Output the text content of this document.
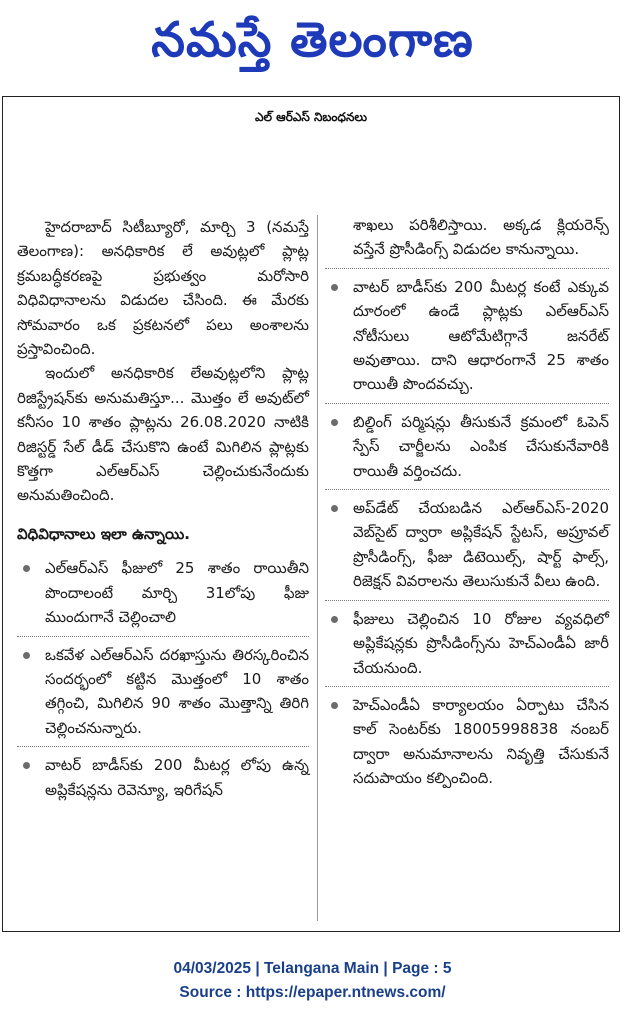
నమస్తే తెలంగాణ
ఎల్ ఆర్ఎస్ నిబంధనలు

హైదరాబాద్ సిటీబ్యూరో, మార్చి 3 (నమస్తే తెలంగాణ): అనధికారిక లే అవుట్లలో ప్లాట్ల క్రమబద్ధీకరణపై ప్రభుత్వం మరోసారి విధివిధానాలను విడుదల చేసింది. ఈ మేరకు సోమవారం ఒక ప్రకటనలో పలు అంశాలను ప్రస్తావించింది.

ఇందులో అనధికారిక లేఅవుట్లలోని ప్లాట్ల రిజిస్ట్రేషన్‌కు అనుమతిస్తూ... మొత్తం లే అవుట్‌లో కనీసం 10 శాతం ప్లాట్లను 26.08.2020 నాటికి రిజిస్టర్డ్ సేల్ డీడ్ చేసుకొని ఉంటే మిగిలిన ప్లాట్లకు కొత్తగా ఎల్ఆర్ఎస్ చెల్లించుకునేందుకు అనుమతించింది.

విధివిధానాలు ఇలా ఉన్నాయి.
ఎల్ఆర్ఎస్ ఫీజులో 25 శాతం రాయితీని పొందాలంటే మార్చి 31లోపు ఫీజు ముందుగానే చెల్లించాలి
ఒకవేళ ఎల్ఆర్ఎస్ దరఖాస్తును తిరస్కరించిన సందర్భంలో కట్టిన మొత్తంలో 10 శాతం తగ్గించి, మిగిలిన 90 శాతం మొత్తాన్ని తిరిగి చెల్లించనున్నారు.
వాటర్ బాడీస్‌కు 200 మీటర్ల లోపు ఉన్న అప్లికేషన్లను రెవెన్యూ, ఇరిగేషన్

శాఖలు పరిశీలిస్తాయి. అక్కడ క్లియరెన్స్ వస్తేనే ప్రొసీడింగ్స్ విడుదల కానున్నాయి.

వాటర్ బాడీస్‌కు 200 మీటర్ల కంటే ఎక్కువ దూరంలో ఉండే ప్లాట్లకు ఎల్ఆర్ఎస్ నోటీసులు ఆటోమేటిగ్గానే జనరేట్ అవుతాయి. దాని ఆధారంగానే 25 శాతం రాయితీ పొందవచ్చు.
బిల్డింగ్ పర్మిషన్లు తీసుకునే క్రమంలో ఓపెన్ స్పేస్ చార్జీలను ఎంపిక చేసుకునేవారికి రాయితీ వర్తించదు.
అప్‌డేట్ చేయబడిన ఎల్ఆర్ఎస్-2020 వెబ్‌సైట్ ద్వారా అప్లికేషన్ స్టేటస్, అప్రూవల్ ప్రొసీడింగ్స్, ఫీజు డిటెయిల్స్, షార్ట్ ఫాల్స్, రిజెక్షన్ వివరాలను తెలుసుకునే వీలు ఉంది.
ఫీజులు చెల్లించిన 10 రోజుల వ్యవధిలో అప్లికేషన్లకు ప్రొసీడింగ్స్‌ను హెచ్ఎండీఏ జారీ చేయనుంది.
హెచ్ఎండీఏ కార్యాలయం ఏర్పాటు చేసిన కాల్ సెంటర్‌కు 18005998838 నంబర్ ద్వారా అనుమానాలను నివృత్తి చేసుకునే సదుపాయం కల్పించింది.
04/03/2025 | Telangana Main | Page : 5
Source : https://epaper.ntnews.com/
